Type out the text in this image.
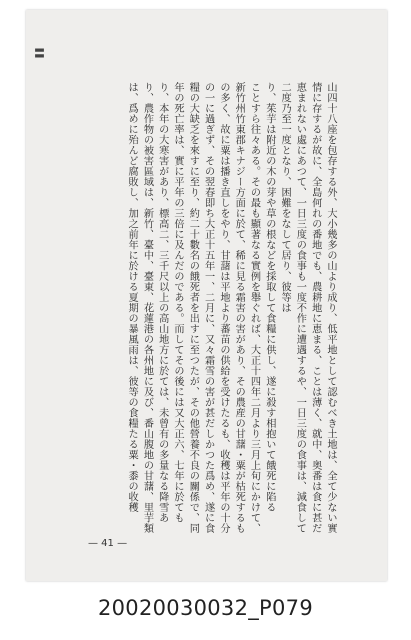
〓

山四十八座を包存する外、大小幾多の山より成り、低平地として認むべき土地は、全て少ない實情に存するが故に、全島何れの番地でも、農耕地に恵まる、ことは薄く、就中、奥番は食に甚だ恵まれない處にあつて、一日三度の食事も一度不作に遭遇するや、一日三度の食事は、減食して二度乃至一度となり、困難をなして居り、彼等は

り、茱芋は附近の木の芽や草の根などを採取して食糧に供し、遂に殺す相抱いて餓死に陷る

ことすら往々ある。その最も顯著なる實例を舉ぐれば、大正十四年二月より三月上旬にかけて、新竹州竹東郡キナジー方面に於て、稀に見る霜害の害があり、その農産の甘藷・粟が枯死するもの多く、故に粟は播き直しをやり、甘藷は平地より蕃苗の供給を受けたるも、收穫は平年の十分の一に過ぎず、その翌春即ち大正十五年一、二月に、又々霜雪の害が甚だしかつた爲め、遂に食糧の大缺乏を來すに至り、約二十數名の餓死者を出すに至つたが、その他營養不良の關係で、同年の死亡率は、實に平年の三倍に及んだのである。而してその後には又大正六、七年に於ても

り、本年の大寒害があり、標高二、三千尺以上の高山地方に於ては、未曾有の多量なる降雪あり、農作物の被害區域は、新竹、臺中、臺東、花蓮港の各州地に及び、番山腹地の甘藷、里芋類は、爲めに殆んど腐敗し、加之前年に於ける夏期の暴風雨は、彼等の食糧たる粟・黍の收穫

— 41 —
20020030032_P079
